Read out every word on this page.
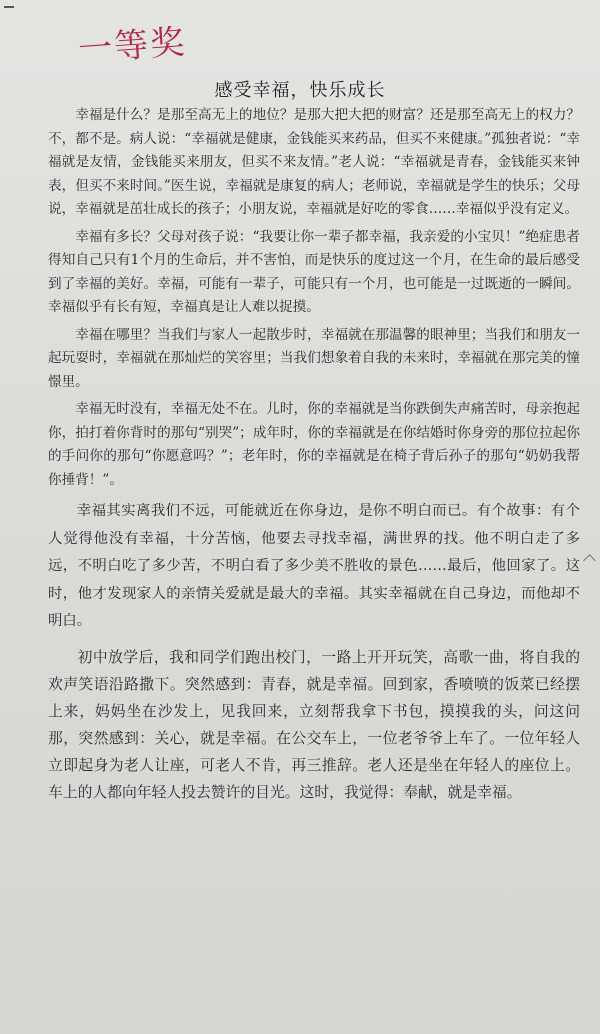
一等奖
感受幸福，快乐成长

幸福是什么？是那至高无上的地位？是那大把大把的财富？还是那至高无上的权力？不，都不是。病人说：“幸福就是健康，金钱能买来药品，但买不来健康。”孤独者说：“幸福就是友情，金钱能买来朋友，但买不来友情。”老人说：“幸福就是青春，金钱能买来钟表，但买不来时间。”医生说，幸福就是康复的病人；老师说，幸福就是学生的快乐；父母说，幸福就是茁壮成长的孩子；小朋友说，幸福就是好吃的零食……幸福似乎没有定义。

幸福有多长？父母对孩子说：“我要让你一辈子都幸福，我亲爱的小宝贝！”绝症患者得知自己只有1个月的生命后，并不害怕，而是快乐的度过这一个月，在生命的最后感受到了幸福的美好。幸福，可能有一辈子，可能只有一个月，也可能是一过既逝的一瞬间。幸福似乎有长有短，幸福真是让人难以捉摸。

幸福在哪里？当我们与家人一起散步时，幸福就在那温馨的眼神里；当我们和朋友一起玩耍时，幸福就在那灿烂的笑容里；当我们想象着自我的未来时，幸福就在那完美的憧憬里。

幸福无时没有，幸福无处不在。儿时，你的幸福就是当你跌倒失声痛苦时，母亲抱起你，拍打着你背时的那句“别哭”；成年时，你的幸福就是在你结婚时你身旁的那位拉起你的手问你的那句“你愿意吗？”；老年时，你的幸福就是在椅子背后孙子的那句“奶奶我帮你捶背！”。

幸福其实离我们不远，可能就近在你身边，是你不明白而已。有个故事：有个人觉得他没有幸福，十分苦恼，他要去寻找幸福，满世界的找。他不明白走了多远，不明白吃了多少苦，不明白看了多少美不胜收的景色……最后，他回家了。这时，他才发现家人的亲情关爱就是最大的幸福。其实幸福就在自己身边，而他却不明白。

初中放学后，我和同学们跑出校门，一路上开开玩笑，高歌一曲，将自我的欢声笑语沿路撒下。突然感到：青春，就是幸福。回到家，香喷喷的饭菜已经摆上来，妈妈坐在沙发上，见我回来，立刻帮我拿下书包，摸摸我的头，问这问那，突然感到：关心，就是幸福。在公交车上，一位老爷爷上车了。一位年轻人立即起身为老人让座，可老人不肯，再三推辞。老人还是坐在年轻人的座位上。车上的人都向年轻人投去赞许的目光。这时，我觉得：奉献，就是幸福。
